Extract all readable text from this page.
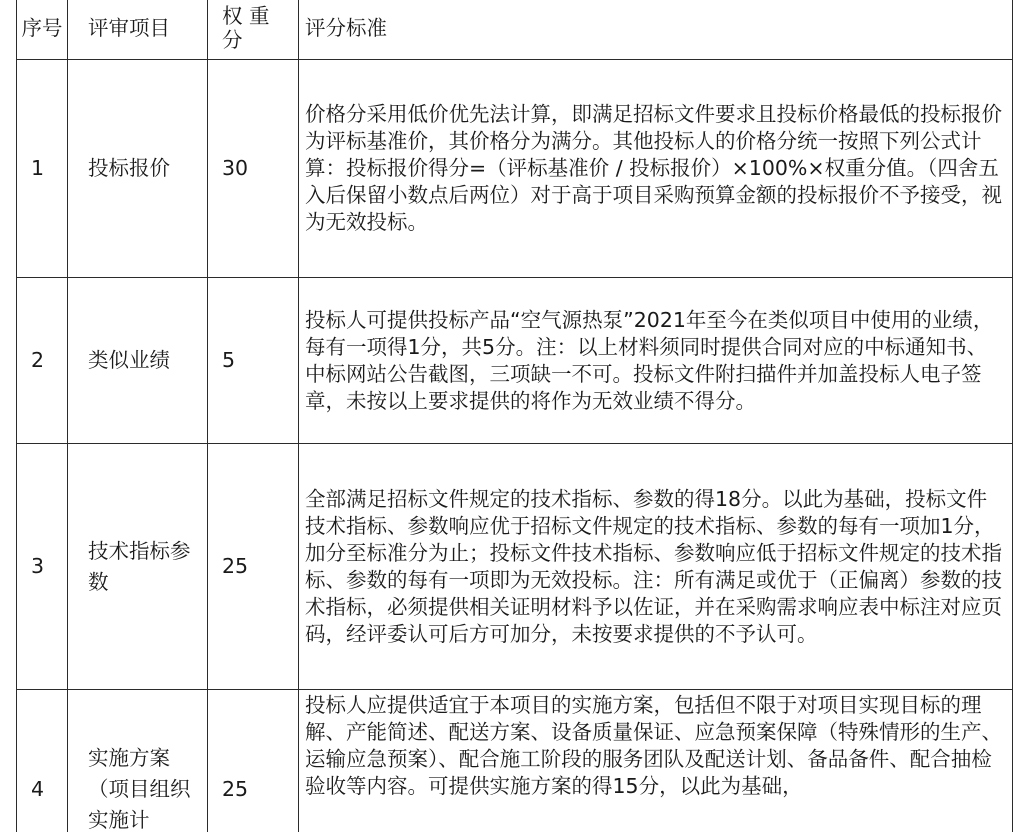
序号	评审项目	权 重 分	评分标准
1	投标报价	30	价格分采用低价优先法计算，即满足招标文件要求且投标价格最低的投标报价为评标基准价，其价格分为满分。其他投标人的价格分统一按照下列公式计算：投标报价得分=（评标基准价 / 投标报价）×100%×权重分值。（四舍五入后保留小数点后两位）对于高于项目采购预算金额的投标报价不予接受，视为无效投标。
2	类似业绩	5	投标人可提供投标产品“空气源热泵”2021年至今在类似项目中使用的业绩，每有一项得1分，共5分。注：以上材料须同时提供合同对应的中标通知书、中标网站公告截图，三项缺一不可。投标文件附扫描件并加盖投标人电子签章，未按以上要求提供的将作为无效业绩不得分。
3	技术指标参数	25	全部满足招标文件规定的技术指标、参数的得18分。以此为基础，投标文件技术指标、参数响应优于招标文件规定的技术指标、参数的每有一项加1分，加分至标准分为止；投标文件技术指标、参数响应低于招标文件规定的技术指标、参数的每有一项即为无效投标。注：所有满足或优于（正偏离）参数的技术指标，必须提供相关证明材料予以佐证，并在采购需求响应表中标注对应页码，经评委认可后方可加分，未按要求提供的不予认可。
4	实施方案（项目组织实施计	25	投标人应提供适宜于本项目的实施方案，包括但不限于对项目实现目标的理解、产能简述、配送方案、设备质量保证、应急预案保障（特殊情形的生产、运输应急预案）、配合施工阶段的服务团队及配送计划、备品备件、配合抽检验收等内容。可提供实施方案的得15分，以此为基础，
